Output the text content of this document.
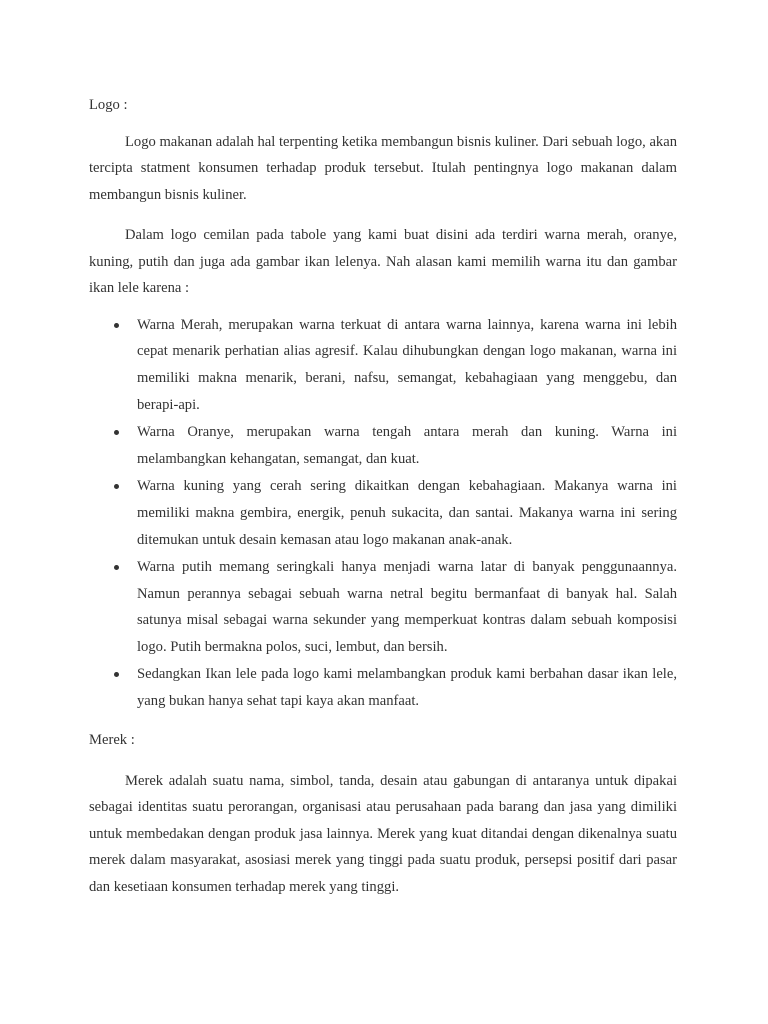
Logo :

Logo makanan adalah hal terpenting ketika membangun bisnis kuliner. Dari sebuah logo, akan tercipta statment konsumen terhadap produk tersebut. Itulah pentingnya logo makanan dalam membangun bisnis kuliner.

Dalam logo cemilan pada tabole yang kami buat disini ada terdiri warna merah, oranye, kuning, putih dan juga ada gambar ikan lelenya. Nah alasan kami memilih warna itu dan gambar ikan lele karena :

Warna Merah, merupakan warna terkuat di antara warna lainnya, karena warna ini lebih cepat menarik perhatian alias agresif. Kalau dihubungkan dengan logo makanan, warna ini memiliki makna menarik, berani, nafsu, semangat, kebahagiaan yang menggebu, dan berapi-api.
Warna Oranye, merupakan warna tengah antara merah dan kuning. Warna ini melambangkan kehangatan, semangat, dan kuat.
Warna kuning yang cerah sering dikaitkan dengan kebahagiaan. Makanya warna ini memiliki makna gembira, energik, penuh sukacita, dan santai. Makanya warna ini sering ditemukan untuk desain kemasan atau logo makanan anak-anak.
Warna putih memang seringkali hanya menjadi warna latar di banyak penggunaannya. Namun perannya sebagai sebuah warna netral begitu bermanfaat di banyak hal. Salah satunya misal sebagai warna sekunder yang memperkuat kontras dalam sebuah komposisi logo. Putih bermakna polos, suci, lembut, dan bersih.
Sedangkan Ikan lele pada logo kami melambangkan produk kami berbahan dasar ikan lele, yang bukan hanya sehat tapi kaya akan manfaat.

Merek :

Merek adalah suatu nama, simbol, tanda, desain atau gabungan di antaranya untuk dipakai sebagai identitas suatu perorangan, organisasi atau perusahaan pada barang dan jasa yang dimiliki untuk membedakan dengan produk jasa lainnya. Merek yang kuat ditandai dengan dikenalnya suatu merek dalam masyarakat, asosiasi merek yang tinggi pada suatu produk, persepsi positif dari pasar dan kesetiaan konsumen terhadap merek yang tinggi.
